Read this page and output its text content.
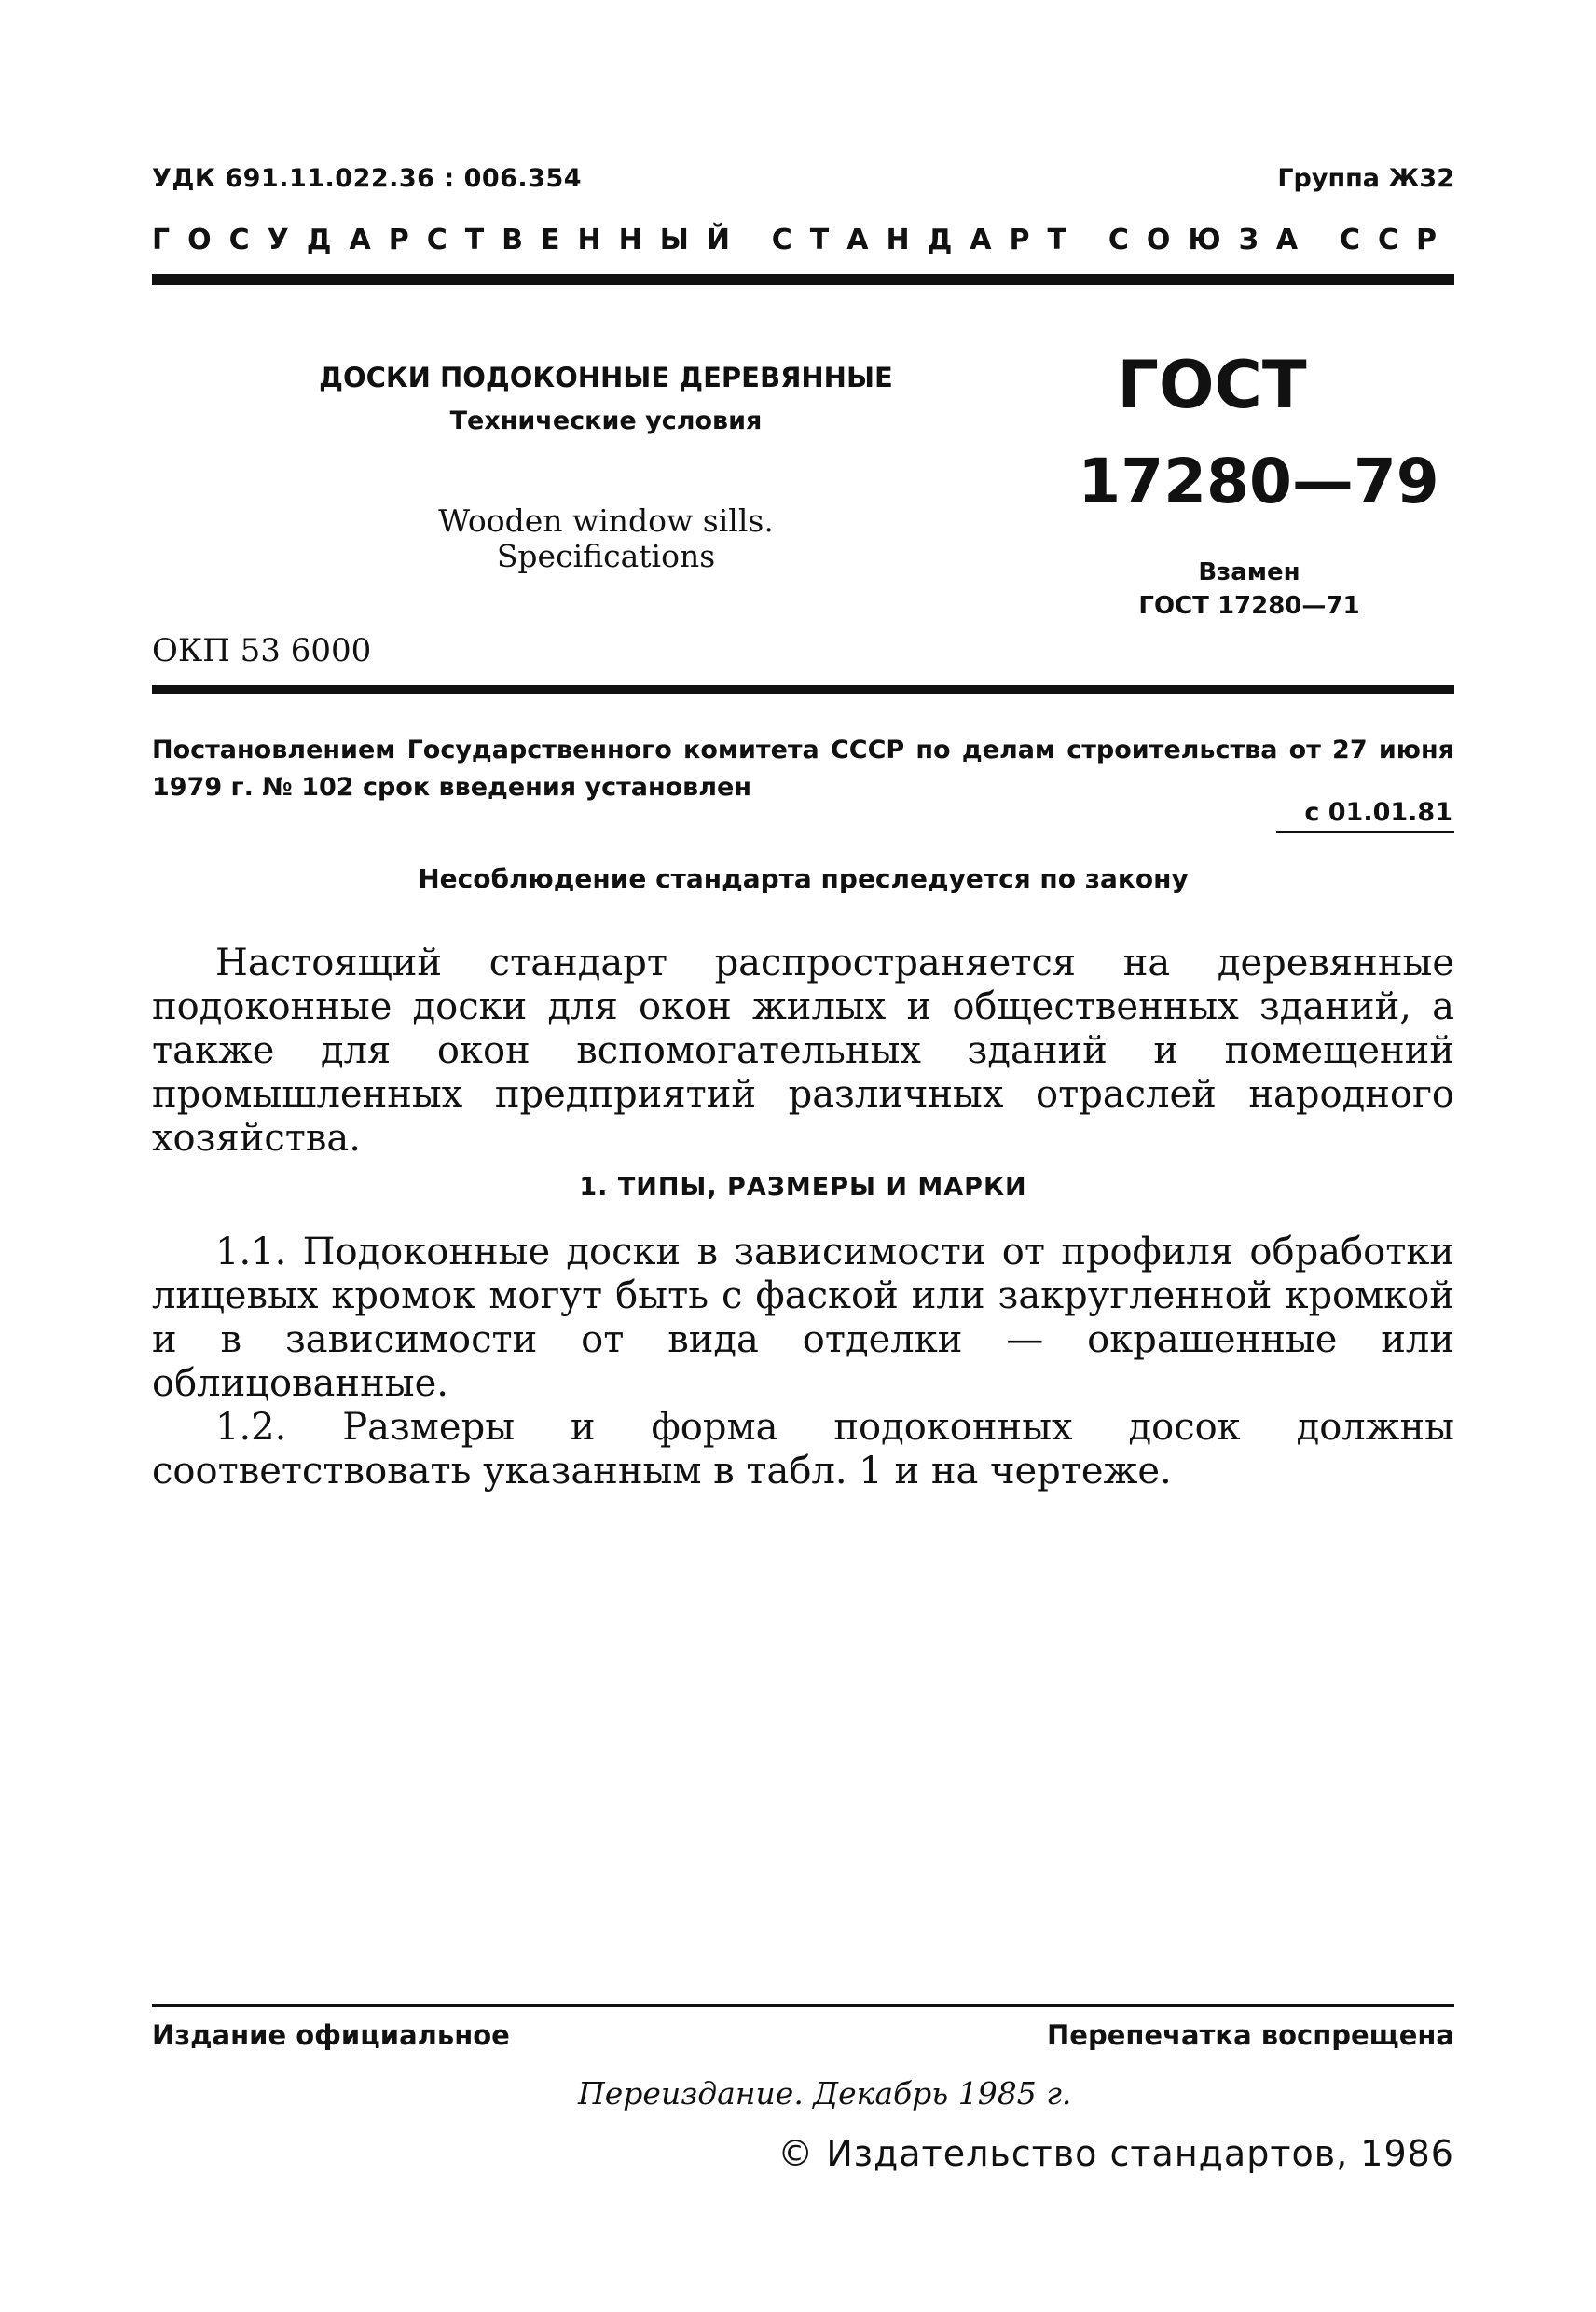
УДК 691.11.022.36 : 006.354	Группа Ж32
ГОСУДАРСТВЕННЫЙ СТАНДАРТ СОЮЗА ССР
ДОСКИ ПОДОКОННЫЕ ДЕРЕВЯННЫЕ
Технические условия
Wooden window sills.
Specifications
ГОСТ
17280—79
Взамен
ГОСТ 17280—71
ОКП 53 6000
Постановлением Государственного комитета СССР по делам строительства от 27 июня 1979 г. № 102 срок введения установлен
с 01.01.81
Несоблюдение стандарта преследуется по закону
Настоящий стандарт распространяется на деревянные подоконные доски для окон жилых и общественных зданий, а также для окон вспомогательных зданий и помещений промышленных предприятий различных отраслей народного хозяйства.
1. ТИПЫ, РАЗМЕРЫ И МАРКИ
1.1. Подоконные доски в зависимости от профиля обработки лицевых кромок могут быть с фаской или закругленной кромкой и в зависимости от вида отделки — окрашенные или облицованные.
1.2. Размеры и форма подоконных досок должны соответствовать указанным в табл. 1 и на чертеже.
Издание официальное	Перепечатка воспрещена
Переиздание. Декабрь 1985 г.
© Издательство стандартов, 1986
